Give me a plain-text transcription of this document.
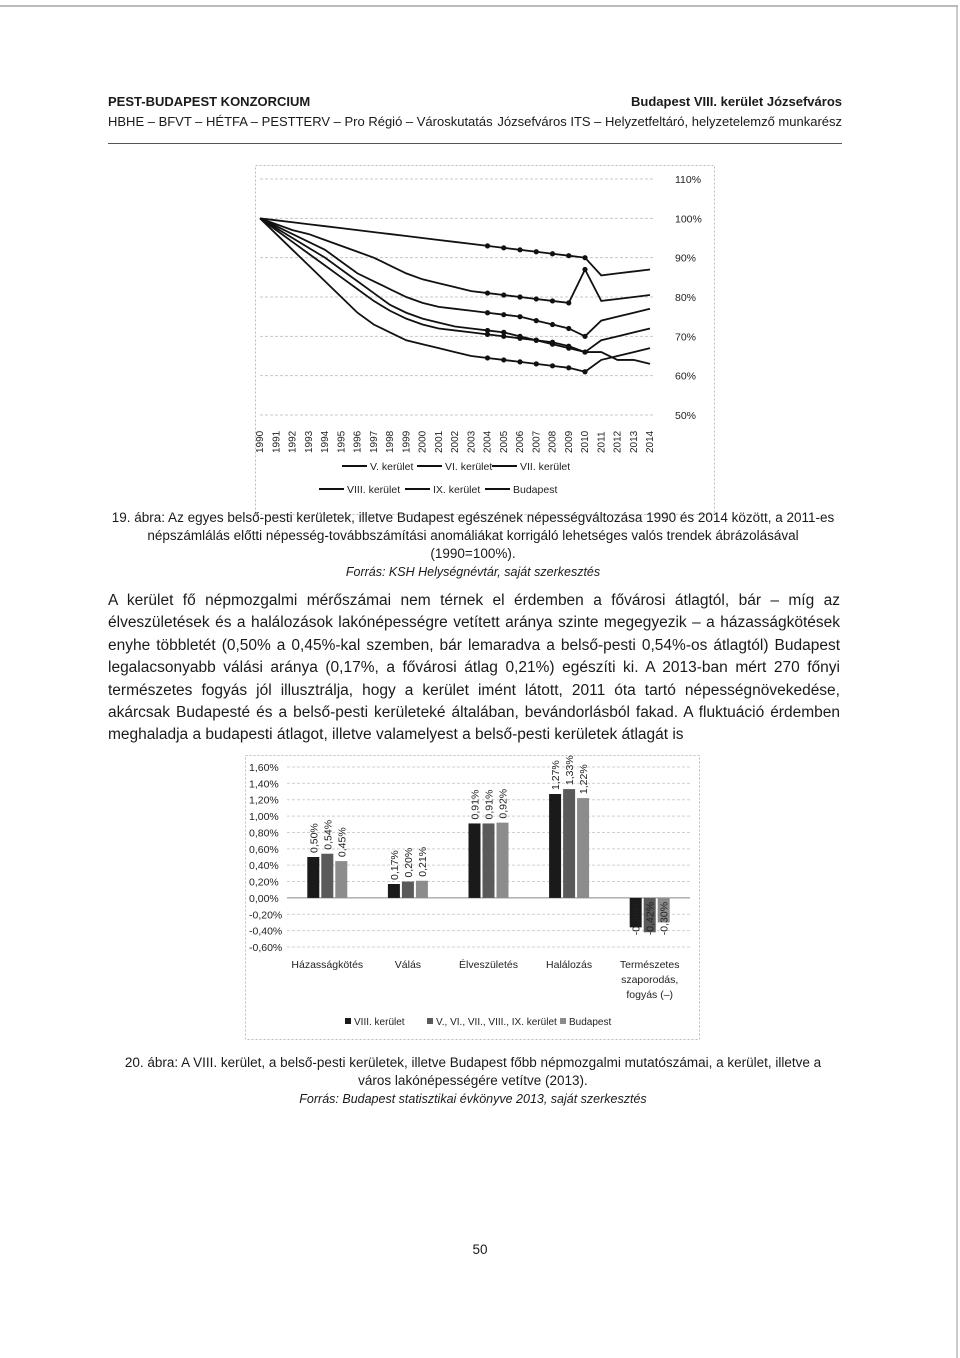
PEST-BUDAPEST KONZORCIUM	Budapest VIII. kerület Józsefváros
HBHE – BFVT – HÉTFA – PESTTERV – Pro Régió – Városkutatás Józsefváros ITS – Helyzetfeltáró, helyzetelemző munkarész
110%
100%
90%
80%
70%
60%
50%
1990 1991 1992 1993 1994 1995 1996 1997 1998 1999 2000 2001 2002 2003 2004 2005 2006 2007 2008 2009 2010 2011 2012 2013 2014
V. kerület	VI. kerület	VII. kerület
VIII. kerület	IX. kerület	Budapest
19. ábra: Az egyes belső-pesti kerületek, illetve Budapest egészének népességváltozása 1990 és 2014 között, a 2011-es népszámlálás előtti népesség-továbbszámítási anomáliákat korrigáló lehetséges valós trendek ábrázolásával (1990=100%).
Forrás: KSH Helységnévtár, saját szerkesztés
A kerület fő népmozgalmi mérőszámai nem térnek el érdemben a fővárosi átlagtól, bár – míg az élveszületések és a halálozások lakónépességre vetített aránya szinte megegyezik – a házasságkötések enyhe többletét (0,50% a 0,45%-kal szemben, bár lemaradva a belső-pesti 0,54%-os átlagtól) Budapest legalacsonyabb válási aránya (0,17%, a fővárosi átlag 0,21%) egészíti ki. A 2013-ban mért 270 főnyi természetes fogyás jól illusztrálja, hogy a kerület imént látott, 2011 óta tartó népességnövekedése, akárcsak Budapesté és a belső-pesti kerületeké általában, bevándorlásból fakad. A fluktuáció érdemben meghaladja a budapesti átlagot, illetve valamelyest a belső-pesti kerületek átlagát is
1,60%
1,40%
1,20%
1,00%
0,80%
0,60%
0,40%
0,20%
0,00%
-0,20%
-0,40%
-0,60%
0,50% 0,54% 0,45%
Házasságkötés
0,17% 0,20% 0,21%
Válás
0,91% 0,91% 0,92%
Élveszületés
1,27% 1,33% 1,22%
Halálozás
-0,36% -0,42% -0,30%
Természetes
szaporodás,
fogyás (–)
VIII. kerület	V., VI., VII., VIII., IX. kerület Budapest
20. ábra: A VIII. kerület, a belső-pesti kerületek, illetve Budapest főbb népmozgalmi mutatószámai, a kerület, illetve a város lakónépességére vetítve (2013).
Forrás: Budapest statisztikai évkönyve 2013, saját szerkesztés
50
